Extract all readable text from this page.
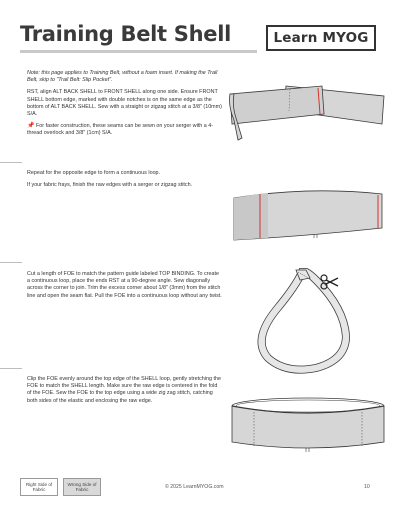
Training Belt Shell	Learn MYOG

Note: this page applies to Training Belt, without a foam insert. If making the Trail Belt, skip to "Trail Belt: Slip Pocket".

RST, align ALT BACK SHELL to FRONT SHELL along one side. Ensure FRONT SHELL bottom edge, marked with double notches is on the same edge as the bottom of ALT BACK SHELL. Sew with a straight or zigzag stitch at a 3/8" (10mm) S/A.

📌 For faster construction, these seams can be sewn on your serger with a 4-thread overlock and 3/8" (1cm) S/A.

Repeat for the opposite edge to form a continuous loop.

If your fabric frays, finish the raw edges with a serger or zigzag stitch.

Cut a length of FOE to match the pattern guide labeled TOP BINDING. To create a continuous loop, place the ends RST at a 90-degree angle. Sew diagonally across the corner to join. Trim the excess corner about 1/8" (3mm) from the stitch line and open the seam flat. Pull the FOE into a continuous loop without any twist.

Clip the FOE evenly around the top edge of the SHELL loop, gently stretching the FOE to match the SHELL length. Make sure the raw edge is centered in the fold of the FOE. Sew the FOE to the top edge using a wide zig zag stitch, catching both sides of the elastic and enclosing the raw edge.

Right Side of Fabric
Wrong Side of Fabric	© 2025 LearnMYOG.com	10
